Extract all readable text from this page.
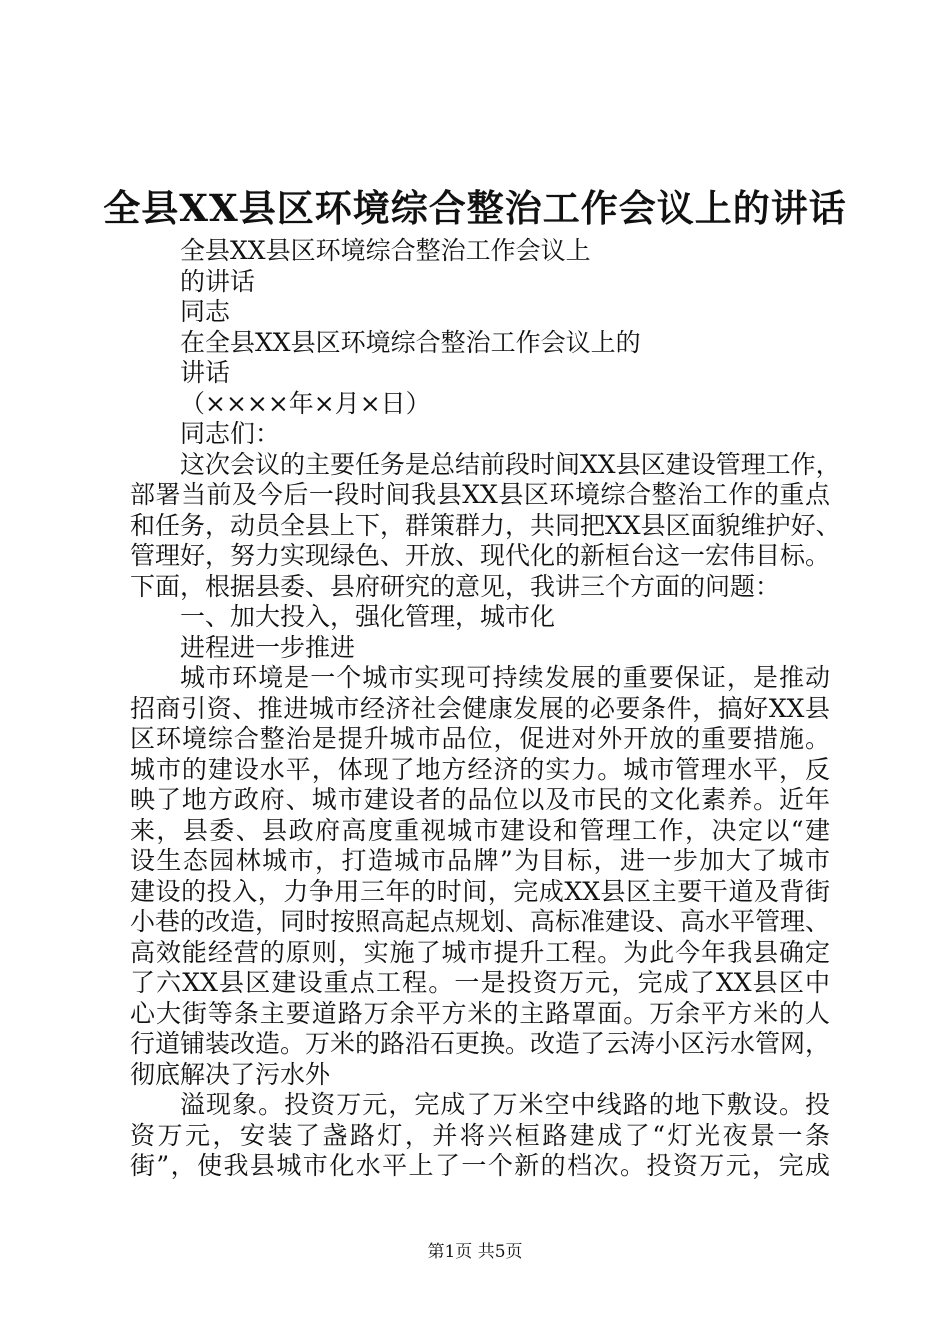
全县XX县区环境综合整治工作会议上的讲话
全县XX县区环境综合整治工作会议上
的讲话
同志
在全县XX县区环境综合整治工作会议上的
讲话
（××××年×月×日）
同志们：
这次会议的主要任务是总结前段时间XX县区建设管理工作，
部署当前及今后一段时间我县XX县区环境综合整治工作的重点
和任务，动员全县上下，群策群力，共同把XX县区面貌维护好、
管理好，努力实现绿色、开放、现代化的新桓台这一宏伟目标。
下面，根据县委、县府研究的意见，我讲三个方面的问题：
一、加大投入，强化管理，城市化
进程进一步推进
城市环境是一个城市实现可持续发展的重要保证，是推动
招商引资、推进城市经济社会健康发展的必要条件，搞好XX县
区环境综合整治是提升城市品位，促进对外开放的重要措施。
城市的建设水平，体现了地方经济的实力。城市管理水平，反
映了地方政府、城市建设者的品位以及市民的文化素养。近年
来，县委、县政府高度重视城市建设和管理工作，决定以“建
设生态园林城市，打造城市品牌”为目标，进一步加大了城市
建设的投入，力争用三年的时间，完成XX县区主要干道及背街
小巷的改造，同时按照高起点规划、高标准建设、高水平管理、
高效能经营的原则，实施了城市提升工程。为此今年我县确定
了六XX县区建设重点工程。一是投资万元，完成了XX县区中
心大街等条主要道路万余平方米的主路罩面。万余平方米的人
行道铺装改造。万米的路沿石更换。改造了云涛小区污水管网，
彻底解决了污水外
溢现象。投资万元，完成了万米空中线路的地下敷设。投
资万元，安装了盏路灯，并将兴桓路建成了“灯光夜景一条
街”，使我县城市化水平上了一个新的档次。投资万元，完成
第1页 共5页
